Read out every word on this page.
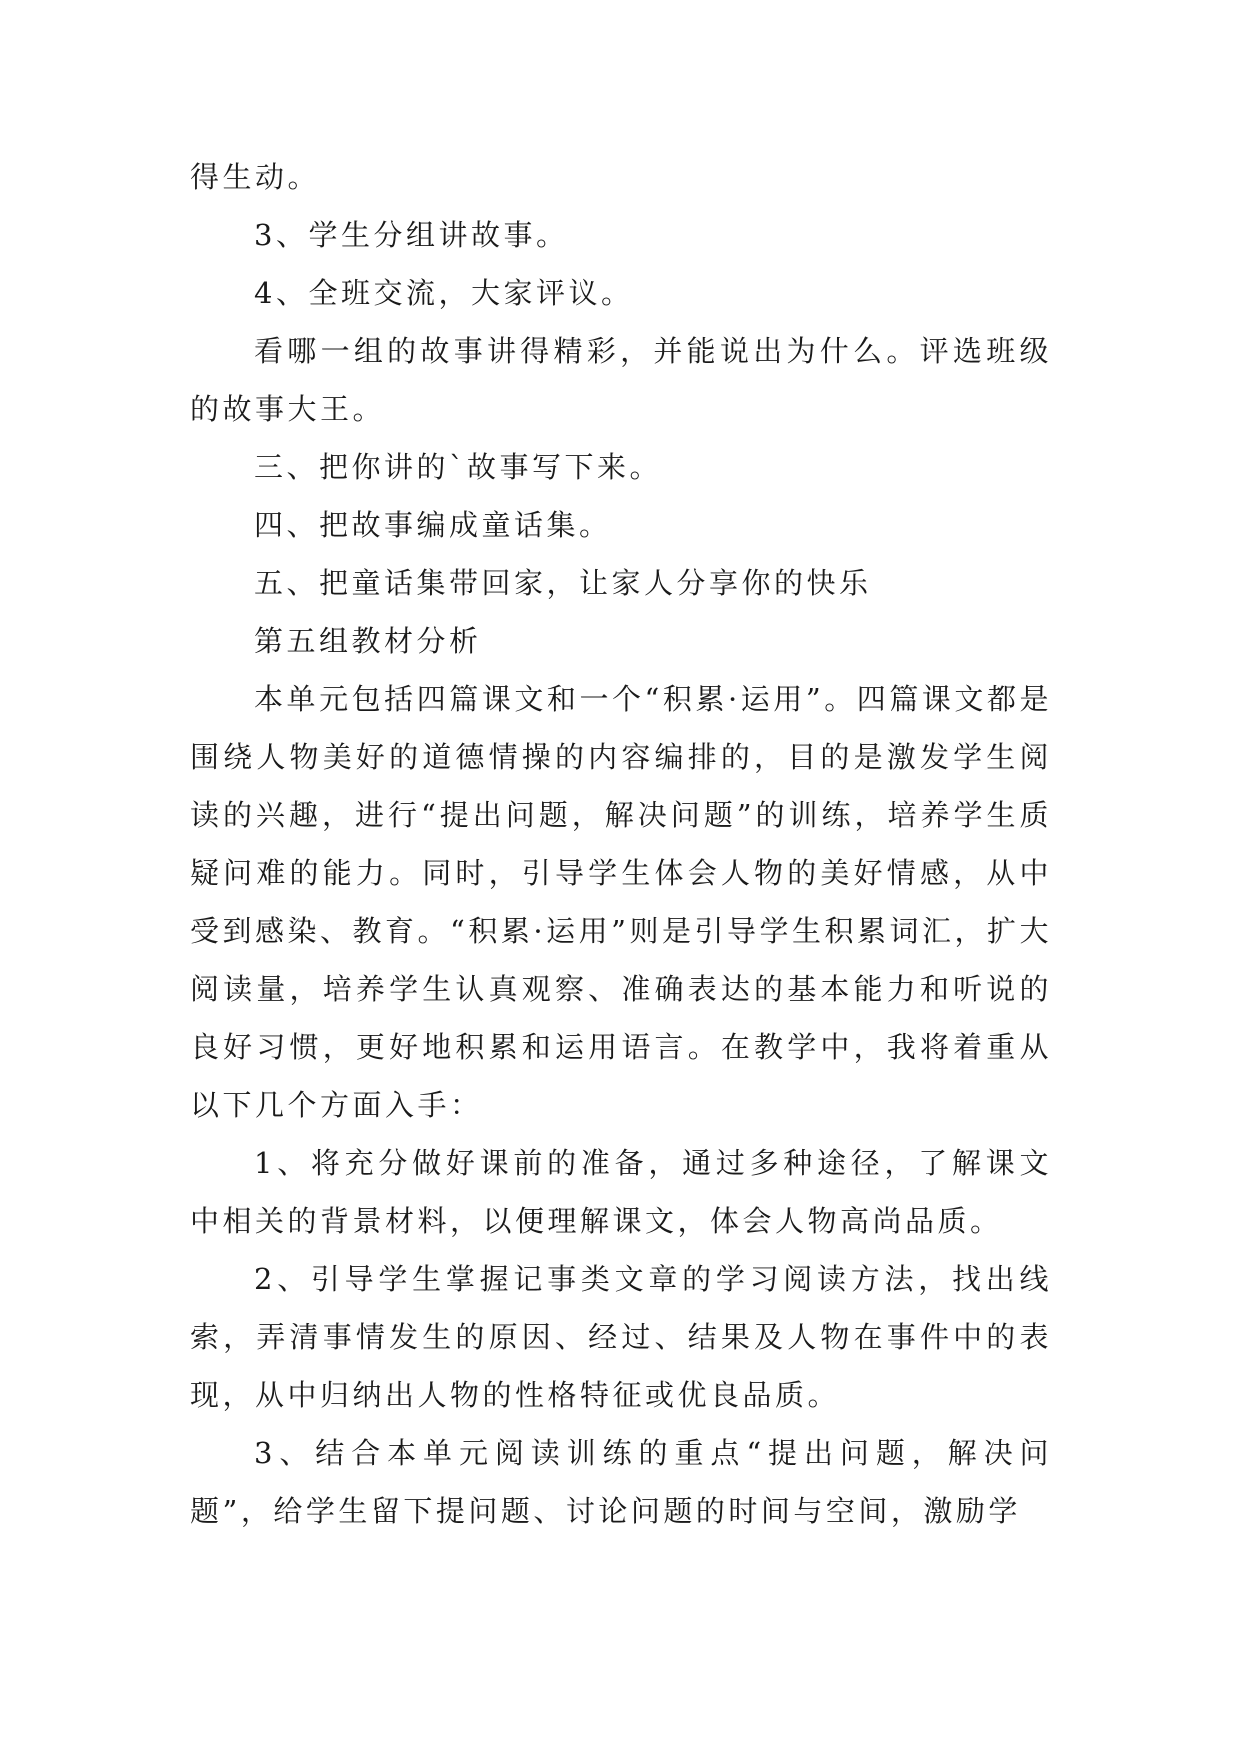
得生动。

3、学生分组讲故事。

4、全班交流，大家评议。

看哪一组的故事讲得精彩，并能说出为什么。评选班级的故事大王。

三、把你讲的`故事写下来。

四、把故事编成童话集。

五、把童话集带回家，让家人分享你的快乐

第五组教材分析

本单元包括四篇课文和一个“积累·运用”。四篇课文都是围绕人物美好的道德情操的内容编排的，目的是激发学生阅读的兴趣，进行“提出问题，解决问题”的训练，培养学生质疑问难的能力。同时，引导学生体会人物的美好情感，从中受到感染、教育。“积累·运用”则是引导学生积累词汇，扩大阅读量，培养学生认真观察、准确表达的基本能力和听说的良好习惯，更好地积累和运用语言。在教学中，我将着重从以下几个方面入手：

1、将充分做好课前的准备，通过多种途径，了解课文中相关的背景材料，以便理解课文，体会人物高尚品质。

2、引导学生掌握记事类文章的学习阅读方法，找出线索，弄清事情发生的原因、经过、结果及人物在事件中的表现，从中归纳出人物的性格特征或优良品质。

3、结合本单元阅读训练的重点“提出问题，解决问题”，给学生留下提问题、讨论问题的时间与空间，激励学
